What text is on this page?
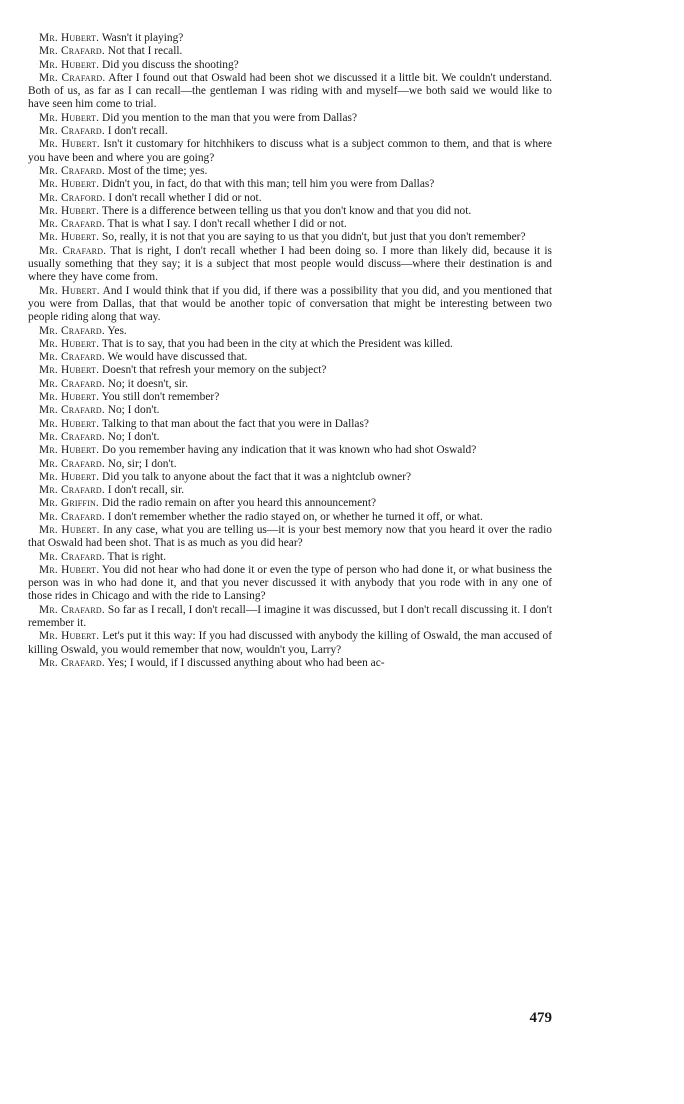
Mr. Hubert. Wasn't it playing?

Mr. Crafard. Not that I recall.

Mr. Hubert. Did you discuss the shooting?

Mr. Crafard. After I found out that Oswald had been shot we discussed it a little bit. We couldn't understand. Both of us, as far as I can recall—the gentleman I was riding with and myself—we both said we would like to have seen him come to trial.

Mr. Hubert. Did you mention to the man that you were from Dallas?

Mr. Crafard. I don't recall.

Mr. Hubert. Isn't it customary for hitchhikers to discuss what is a subject common to them, and that is where you have been and where you are going?

Mr. Crafard. Most of the time; yes.

Mr. Hubert. Didn't you, in fact, do that with this man; tell him you were from Dallas?

Mr. Craford. I don't recall whether I did or not.

Mr. Hubert. There is a difference between telling us that you don't know and that you did not.

Mr. Crafard. That is what I say. I don't recall whether I did or not.

Mr. Hubert. So, really, it is not that you are saying to us that you didn't, but just that you don't remember?

Mr. Crafard. That is right, I don't recall whether I had been doing so. I more than likely did, because it is usually something that they say; it is a subject that most people would discuss—where their destination is and where they have come from.

Mr. Hubert. And I would think that if you did, if there was a possibility that you did, and you mentioned that you were from Dallas, that that would be another topic of conversation that might be interesting between two people riding along that way.

Mr. Crafard. Yes.

Mr. Hubert. That is to say, that you had been in the city at which the President was killed.

Mr. Crafard. We would have discussed that.

Mr. Hubert. Doesn't that refresh your memory on the subject?

Mr. Crafard. No; it doesn't, sir.

Mr. Hubert. You still don't remember?

Mr. Crafard. No; I don't.

Mr. Hubert. Talking to that man about the fact that you were in Dallas?

Mr. Crafard. No; I don't.

Mr. Hubert. Do you remember having any indication that it was known who had shot Oswald?

Mr. Crafard. No, sir; I don't.

Mr. Hubert. Did you talk to anyone about the fact that it was a nightclub owner?

Mr. Crafard. I don't recall, sir.

Mr. Griffin. Did the radio remain on after you heard this announcement?

Mr. Crafard. I don't remember whether the radio stayed on, or whether he turned it off, or what.

Mr. Hubert. In any case, what you are telling us—it is your best memory now that you heard it over the radio that Oswald had been shot. That is as much as you did hear?

Mr. Crafard. That is right.

Mr. Hubert. You did not hear who had done it or even the type of person who had done it, or what business the person was in who had done it, and that you never discussed it with anybody that you rode with in any one of those rides in Chicago and with the ride to Lansing?

Mr. Crafard. So far as I recall, I don't recall—I imagine it was discussed, but I don't recall discussing it. I don't remember it.

Mr. Hubert. Let's put it this way: If you had discussed with anybody the killing of Oswald, the man accused of killing Oswald, you would remember that now, wouldn't you, Larry?

Mr. Crafard. Yes; I would, if I discussed anything about who had been ac-

479
